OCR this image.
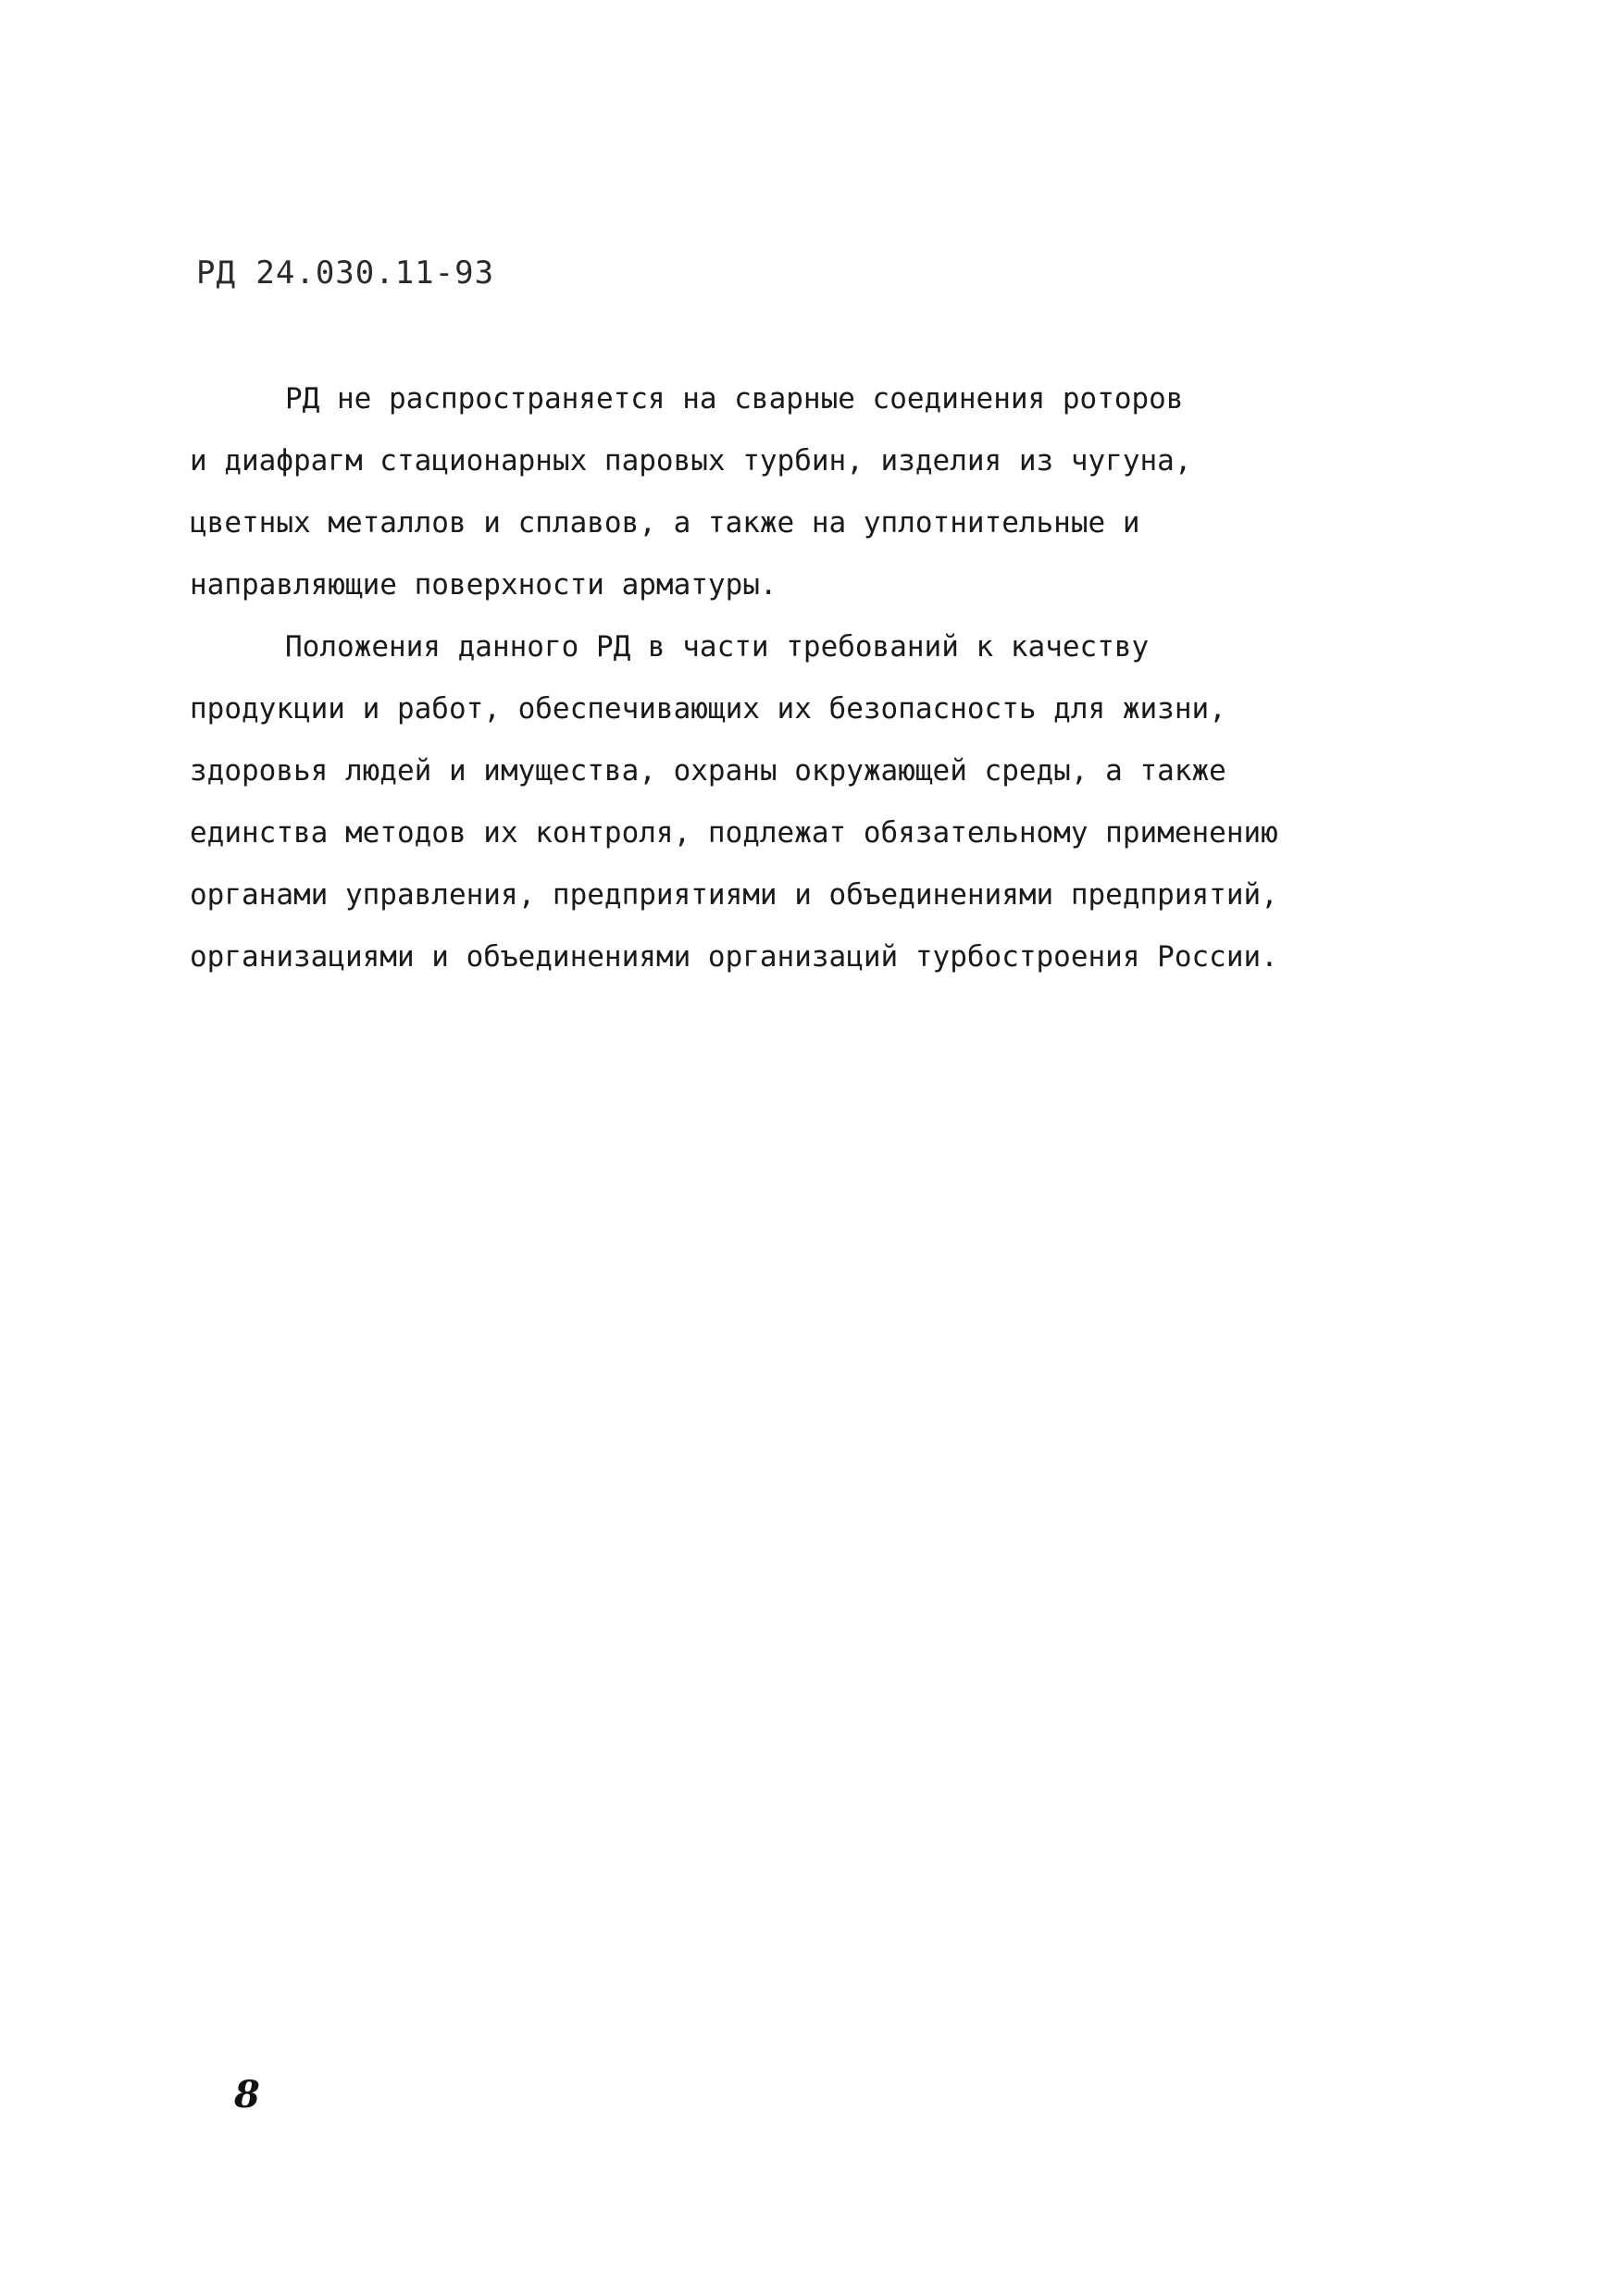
РД 24.030.11-93

РД не распространяется на сварные соединения роторов
и диафрагм стационарных паровых турбин, изделия из чугуна,
цветных металлов и сплавов, а также на уплотнительные и
направляющие поверхности арматуры.

Положения данного РД в части требований к качеству
продукции и работ, обеспечивающих их безопасность для жизни,
здоровья людей и имущества, охраны окружающей среды, а также
единства методов их контроля, подлежат обязательному применению
органами управления, предприятиями и объединениями предприятий,
организациями и объединениями организаций турбостроения России.

8
